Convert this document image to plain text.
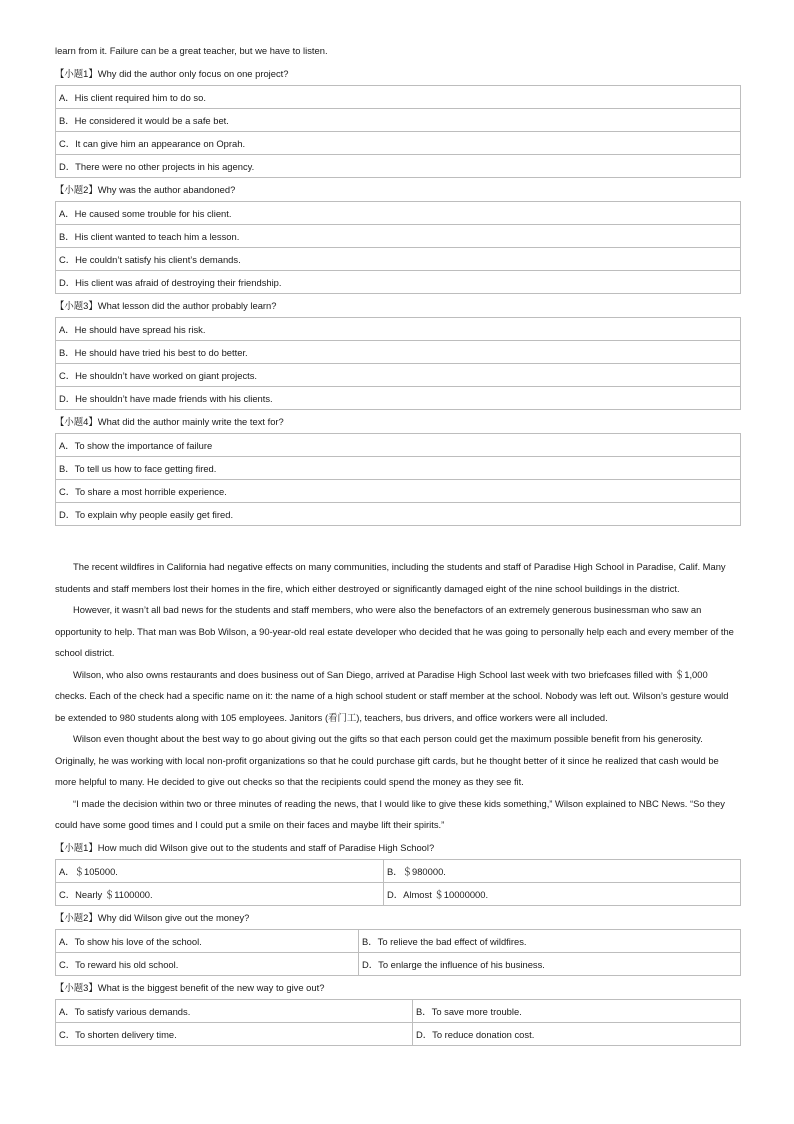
learn from it. Failure can be a great teacher, but we have to listen.
【小题1】Why did the author only focus on one project?
A．His client required him to do so.
B．He considered it would be a safe bet.
C．It can give him an appearance on Oprah.
D．There were no other projects in his agency.
【小题2】Why was the author abandoned?
A．He caused some trouble for his client.
B．His client wanted to teach him a lesson.
C．He couldn’t satisfy his client’s demands.
D．His client was afraid of destroying their friendship.
【小题3】What lesson did the author probably learn?
A．He should have spread his risk.
B．He should have tried his best to do better.
C．He shouldn’t have worked on giant projects.
D．He shouldn’t have made friends with his clients.
【小题4】What did the author mainly write the text for?
A．To show the importance of failure
B．To tell us how to face getting fired.
C．To share a most horrible experience.
D．To explain why people easily get fired.

The recent wildfires in California had negative effects on many communities, including the students and staff of Paradise High School in Paradise, Calif. Many students and staff members lost their homes in the fire, which either destroyed or significantly damaged eight of the nine school buildings in the district.

However, it wasn’t all bad news for the students and staff members, who were also the benefactors of an extremely generous businessman who saw an opportunity to help. That man was Bob Wilson, a 90-year-old real estate developer who decided that he was going to personally help each and every member of the school district.

Wilson, who also owns restaurants and does business out of San Diego, arrived at Paradise High School last week with two briefcases filled with ＄1,000 checks. Each of the check had a specific name on it: the name of a high school student or staff member at the school. Nobody was left out. Wilson’s gesture would be extended to 980 students along with 105 employees. Janitors (看门工), teachers, bus drivers, and office workers were all included.

Wilson even thought about the best way to go about giving out the gifts so that each person could get the maximum possible benefit from his generosity. Originally, he was working with local non-profit organizations so that he could purchase gift cards, but he thought better of it since he realized that cash would be more helpful to many. He decided to give out checks so that the recipients could spend the money as they see fit.

“I made the decision within two or three minutes of reading the news, that I would like to give these kids something,” Wilson explained to NBC News. “So they could have some good times and I could put a smile on their faces and maybe lift their spirits.”

【小题1】How much did Wilson give out to the students and staff of Paradise High School?
A．＄105000.	B．＄980000.
C．Nearly ＄1100000.	D．Almost ＄10000000.
【小题2】Why did Wilson give out the money?
A．To show his love of the school.	B．To relieve the bad effect of wildfires.
C．To reward his old school.	D．To enlarge the influence of his business.
【小题3】What is the biggest benefit of the new way to give out?
A．To satisfy various demands.	B．To save more trouble.
C．To shorten delivery time.	D．To reduce donation cost.
